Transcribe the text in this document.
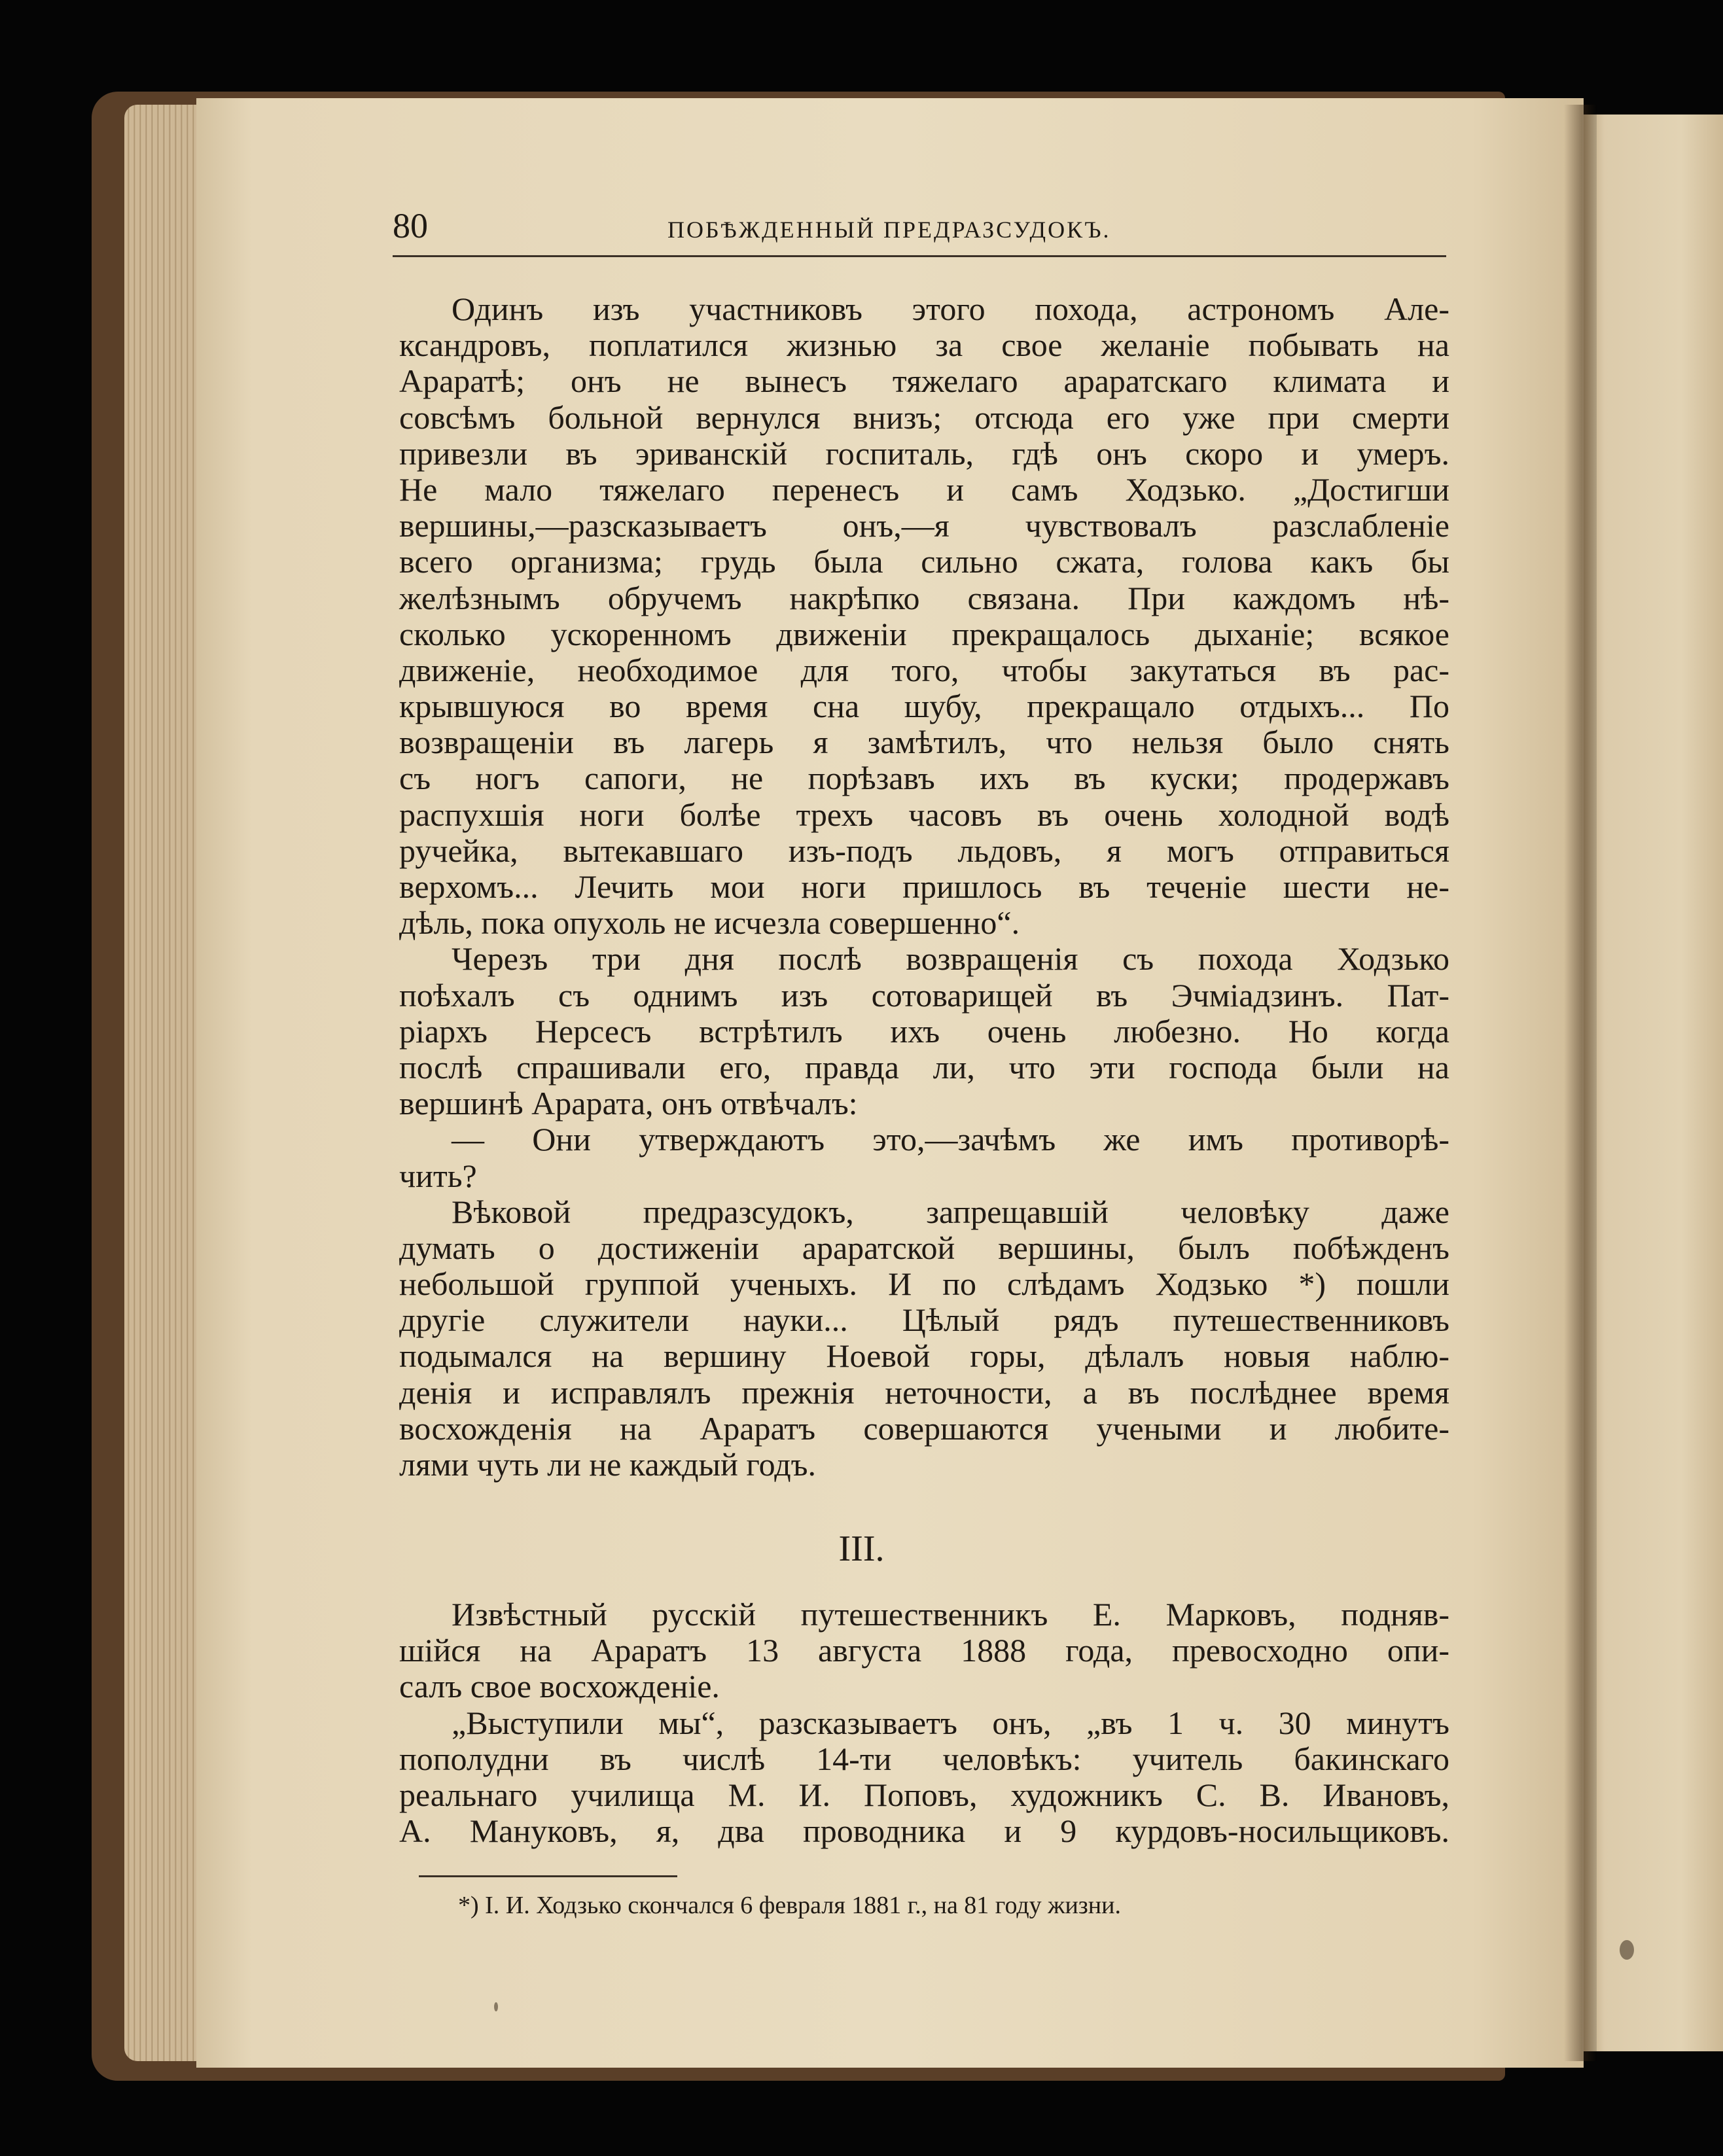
80	ПОБѢЖДЕННЫЙ ПРЕДРАЗСУДОКЪ.
Одинъ изъ участниковъ этого похода, астрономъ Але-
ксандровъ, поплатился жизнью за свое желаніе побывать на
Араратѣ; онъ не вынесъ тяжелаго араратскаго климата и
совсѣмъ больной вернулся внизъ; отсюда его уже при смерти
привезли въ эриванскій госпиталь, гдѣ онъ скоро и умеръ.
Не мало тяжелаго перенесъ и самъ Ходзько. „Достигши
вершины,—разсказываетъ онъ,—я чувствовалъ разслабленіе
всего организма; грудь была сильно сжата, голова какъ бы
желѣзнымъ обручемъ накрѣпко связана. При каждомъ нѣ-
сколько ускоренномъ движеніи прекращалось дыханіе; всякое
движеніе, необходимое для того, чтобы закутаться въ рас-
крывшуюся во время сна шубу, прекращало отдыхъ... По
возвращеніи въ лагерь я замѣтилъ, что нельзя было снять
съ ногъ сапоги, не порѣзавъ ихъ въ куски; продержавъ
распухшія ноги болѣе трехъ часовъ въ очень холодной водѣ
ручейка, вытекавшаго изъ-подъ льдовъ, я могъ отправиться
верхомъ... Лечить мои ноги пришлось въ теченіе шести не-
дѣль, пока опухоль не исчезла совершенно“.
Черезъ три дня послѣ возвращенія съ похода Ходзько
поѣхалъ съ однимъ изъ сотоварищей въ Эчміадзинъ. Пат-
ріархъ Нерсесъ встрѣтилъ ихъ очень любезно. Но когда
послѣ спрашивали его, правда ли, что эти господа были на
вершинѣ Арарата, онъ отвѣчалъ:
— Они утверждаютъ это,—зачѣмъ же имъ противорѣ-
чить?
Вѣковой предразсудокъ, запрещавшій человѣку даже
думать о достиженіи араратской вершины, былъ побѣжденъ
небольшой группой ученыхъ. И по слѣдамъ Ходзько *) пошли
другіе служители науки... Цѣлый рядъ путешественниковъ
подымался на вершину Ноевой горы, дѣлалъ новыя наблю-
денія и исправлялъ прежнія неточности, а въ послѣднее время
восхожденія на Араратъ совершаются учеными и любите-
лями чуть ли не каждый годъ.
III.
Извѣстный русскій путешественникъ Е. Марковъ, подняв-
шійся на Араратъ 13 августа 1888 года, превосходно опи-
салъ свое восхожденіе.
„Выступили мы“, разсказываетъ онъ, „въ 1 ч. 30 минутъ
пополудни въ числѣ 14-ти человѣкъ: учитель бакинскаго
реальнаго училища М. И. Поповъ, художникъ С. В. Ивановъ,
А. Мануковъ, я, два проводника и 9 курдовъ-носильщиковъ.
*) I. И. Ходзько скончался 6 февраля 1881 г., на 81 году жизни.
